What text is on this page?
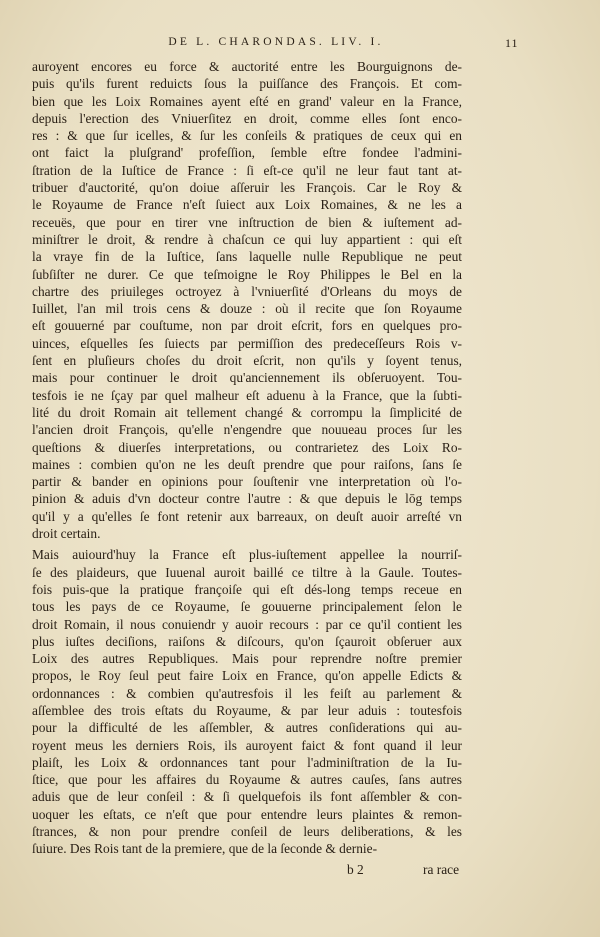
DE L. CHARONDAS. LIV. I.	11
auroyent encores eu force & auctorité entre les Bourguignons de-
puis qu'ils furent reduicts ſous la puiſſance des François. Et com-
bien que les Loix Romaines ayent eſté en grand' valeur en la France,
depuis l'erection des Vniuerſitez en droit, comme elles ſont enco-
res : & que ſur icelles, & ſur les conſeils & pratiques de ceux qui en
ont faict la pluſgrand' profeſſion, ſemble eſtre fondee l'admini-
ſtration de la Iuſtice de France : ſi eſt-ce qu'il ne leur faut tant at-
tribuer d'auctorité, qu'on doiue aſſeruir les François. Car le Roy &
le Royaume de France n'eſt ſuiect aux Loix Romaines, & ne les a
receuës, que pour en tirer vne inſtruction de bien & iuſtement ad-
miniſtrer le droit, & rendre à chaſcun ce qui luy appartient : qui eſt
la vraye fin de la Iuſtice, ſans laquelle nulle Republique ne peut
ſubſiſter ne durer. Ce que teſmoigne le Roy Philippes le Bel en la
chartre des priuileges octroyez à l'vniuerſité d'Orleans du moys de
Iuillet, l'an mil trois cens & douze : où il recite que ſon Royaume
eſt gouuerné par couſtume, non par droit eſcrit, fors en quelques pro-
uinces, eſquelles ſes ſuiects par permiſſion des predeceſſeurs Rois v-
ſent en pluſieurs choſes du droit eſcrit, non qu'ils y ſoyent tenus,
mais pour continuer le droit qu'anciennement ils obſeruoyent. Tou-
tesfois ie ne ſçay par quel malheur eſt aduenu à la France, que la ſubti-
lité du droit Romain ait tellement changé & corrompu la ſimplicité de
l'ancien droit François, qu'elle n'engendre que nouueau proces ſur les
queſtions & diuerſes interpretations, ou contrarietez des Loix Ro-
maines : combien qu'on ne les deuſt prendre que pour raiſons, ſans ſe
partir & bander en opinions pour ſouſtenir vne interpretation où l'o-
pinion & aduis d'vn docteur contre l'autre : & que depuis le lōg temps
qu'il y a qu'elles ſe font retenir aux barreaux, on deuſt auoir arreſté vn
droit certain.
Mais auiourd'huy la France eſt plus-iuſtement appellee la nourriſ-
ſe des plaideurs, que Iuuenal auroit baillé ce tiltre à la Gaule. Toutes-
fois puis-que la pratique françoiſe qui eſt dés-long temps receue en
tous les pays de ce Royaume, ſe gouuerne principalement ſelon le
droit Romain, il nous conuiendr y auoir recours : par ce qu'il contient les
plus iuſtes deciſions, raiſons & diſcours, qu'on ſçauroit obſeruer aux
Loix des autres Republiques. Mais pour reprendre noſtre premier
propos, le Roy ſeul peut faire Loix en France, qu'on appelle Edicts &
ordonnances : & combien qu'autresfois il les feiſt au parlement &
aſſemblee des trois eſtats du Royaume, & par leur aduis : toutesfois
pour la difficulté de les aſſembler, & autres conſiderations qui au-
royent meus les derniers Rois, ils auroyent faict & font quand il leur
plaiſt, les Loix & ordonnances tant pour l'adminiſtration de la Iu-
ſtice, que pour les affaires du Royaume & autres cauſes, ſans autres
aduis que de leur conſeil : & ſi quelquefois ils font aſſembler & con-
uoquer les eſtats, ce n'eſt que pour entendre leurs plaintes & remon-
ſtrances, & non pour prendre conſeil de leurs deliberations, & les
ſuiure. Des Rois tant de la premiere, que de la ſeconde & dernie-
b 2	ra race
